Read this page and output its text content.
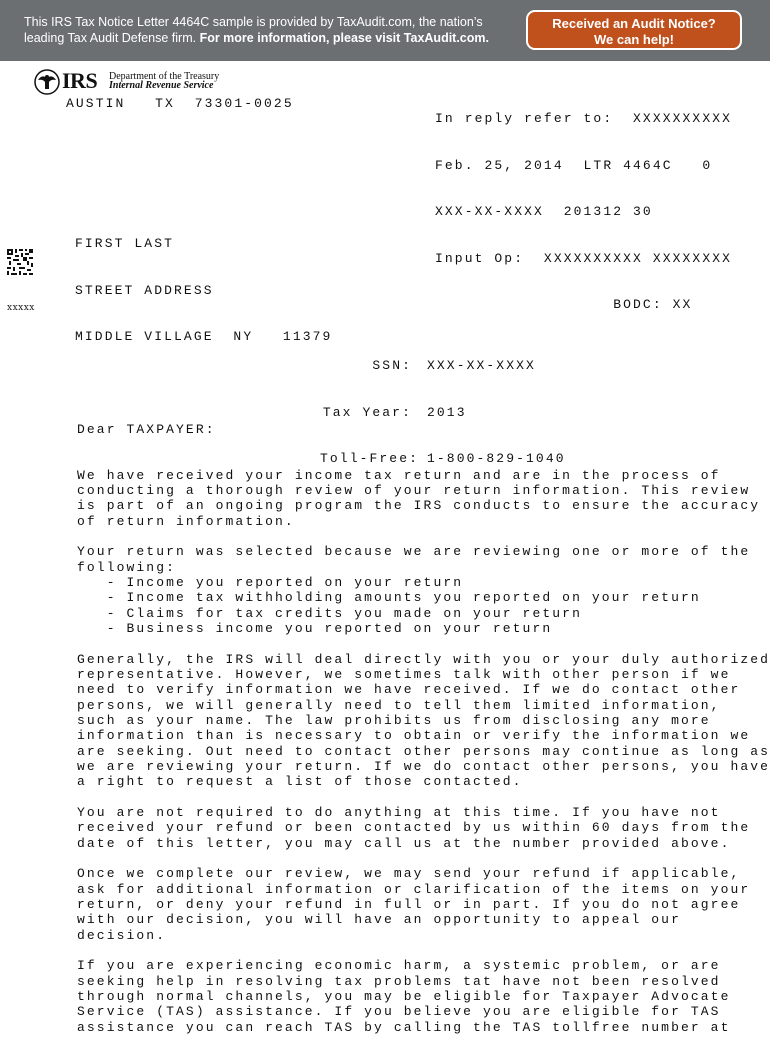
This IRS Tax Notice Letter 4464C sample is provided by TaxAudit.com, the nation’s leading Tax Audit Defense firm. For more information, please visit TaxAudit.com.
Received an Audit Notice?
We can help!
IRS Department of the Treasury
Internal Revenue Service
AUSTIN   TX  73301-0025

In reply refer to:  XXXXXXXXXX

Feb. 25, 2014  LTR 4464C   0

XXX-XX-XXXX  201312 30

Input Op:  XXXXXXXXXX XXXXXXXX

BODC: XX

FIRST LAST

STREET ADDRESS

MIDDLE VILLAGE  NY   11379

xxxxx

SSN: XXX-XX-XXXX

Tax Year: 2013

Toll-Free: 1-800-829-1040

Dear TAXPAYER:

We have received your income tax return and are in the process of
conducting a thorough review of your return information. This review
is part of an ongoing program the IRS conducts to ensure the accuracy
of return information.
Your return was selected because we are reviewing one or more of the
following:
- Income you reported on your return
- Income tax withholding amounts you reported on your return
- Claims for tax credits you made on your return
- Business income you reported on your return
Generally, the IRS will deal directly with you or your duly authorized
representative. However, we sometimes talk with other person if we
need to verify information we have received. If we do contact other
persons, we will generally need to tell them limited information,
such as your name. The law prohibits us from disclosing any more
information than is necessary to obtain or verify the information we
are seeking. Out need to contact other persons may continue as long as
we are reviewing your return. If we do contact other persons, you have
a right to request a list of those contacted.
You are not required to do anything at this time. If you have not
received your refund or been contacted by us within 60 days from the
date of this letter, you may call us at the number provided above.
Once we complete our review, we may send your refund if applicable,
ask for additional information or clarification of the items on your
return, or deny your refund in full or in part. If you do not agree
with our decision, you will have an opportunity to appeal our
decision.
If you are experiencing economic harm, a systemic problem, or are
seeking help in resolving tax problems tat have not been resolved
through normal channels, you may be eligible for Taxpayer Advocate
Service (TAS) assistance. If you believe you are eligible for TAS
assistance you can reach TAS by calling the TAS tollfree number at
